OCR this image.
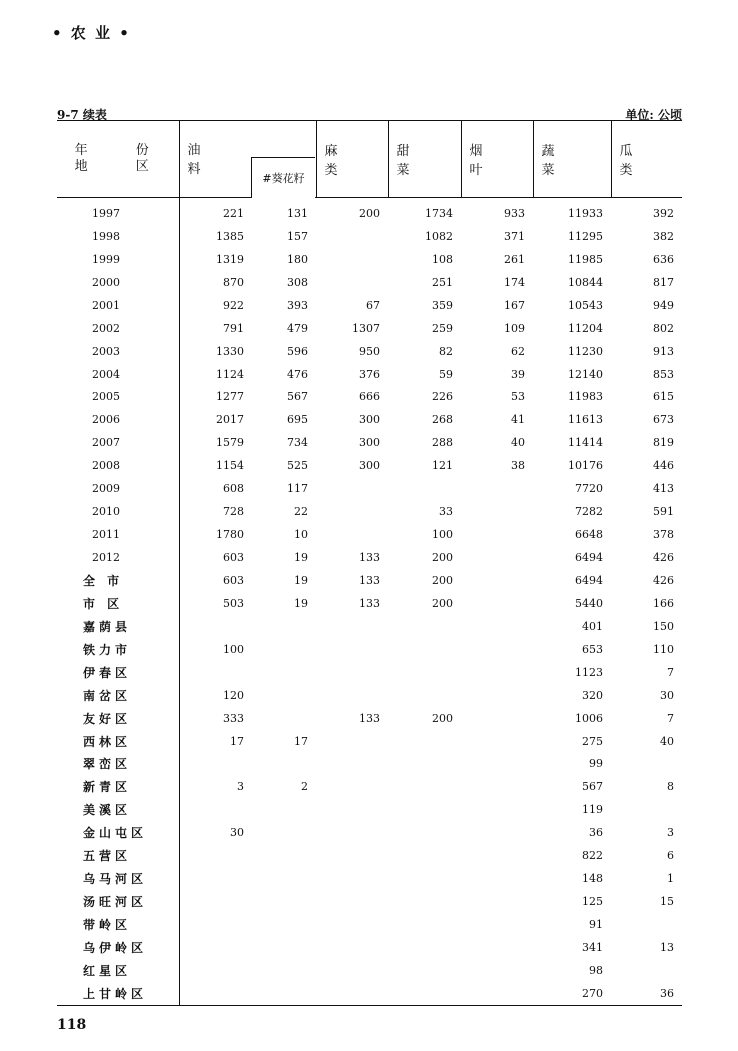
• 农 业 •
9-7 续表	单位: 公顷
年 份
地 区	油 料	#葵花籽	麻 类	甜 菜	烟 叶	蔬 菜	瓜 类

1997	221	131	200	1734	933	11933	392
1998	1385	157		1082	371	11295	382
1999	1319	180		108	261	11985	636
2000	870	308		251	174	10844	817
2001	922	393	67	359	167	10543	949
2002	791	479	1307	259	109	11204	802
2003	1330	596	950	82	62	11230	913
2004	1124	476	376	59	39	12140	853
2005	1277	567	666	226	53	11983	615
2006	2017	695	300	268	41	11613	673
2007	1579	734	300	288	40	11414	819
2008	1154	525	300	121	38	10176	446
2009	608	117				7720	413
2010	728	22		33		7282	591
2011	1780	10		100		6648	378
2012	603	19	133	200		6494	426
全 市	603	19	133	200		6494	426
市 区	503	19	133	200		5440	166
嘉荫县						401	150
铁力市	100					653	110
伊春区						1123	7
南岔区	120					320	30
友好区	333		133	200		1006	7
西林区	17	17				275	40
翠峦区						99	
新青区	3	2				567	8
美溪区						119	
金山屯区	30					36	3
五营区						822	6
乌马河区						148	1
汤旺河区						125	15
带岭区						91	
乌伊岭区						341	13
红星区						98	
上甘岭区						270	36
118
